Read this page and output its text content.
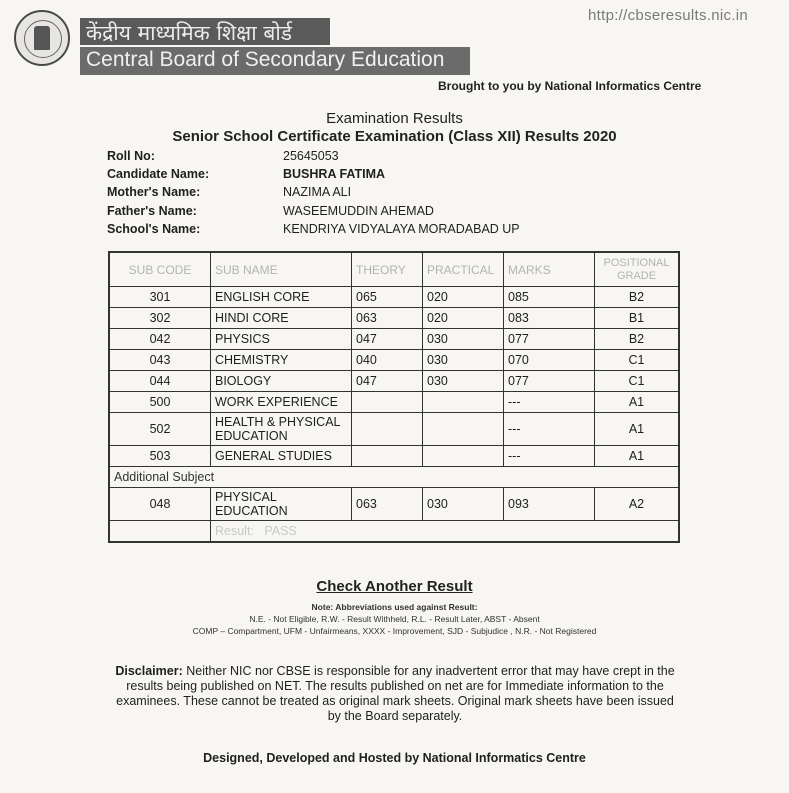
केंद्रीय माध्यमिक शिक्षा बोर्ड
Central Board of Secondary Education
http://cbseresults.nic.in
Brought to you by National Informatics Centre
Examination Results
Senior School Certificate Examination (Class XII) Results 2020
Roll No:	25645053
Candidate Name:	BUSHRA FATIMA
Mother's Name:	NAZIMA ALI
Father's Name:	WASEEMUDDIN AHEMAD
School's Name:	KENDRIYA VIDYALAYA MORADABAD UP
SUB CODE	SUB NAME	THEORY	PRACTICAL	MARKS	POSITIONAL
GRADE
301	ENGLISH CORE	065	020	085	B2
302	HINDI CORE	063	020	083	B1
042	PHYSICS	047	030	077	B2
043	CHEMISTRY	040	030	070	C1
044	BIOLOGY	047	030	077	C1
500	WORK EXPERIENCE			---	A1
502	HEALTH & PHYSICAL
EDUCATION			---	A1
503	GENERAL STUDIES			---	A1
Additional Subject					
048	PHYSICAL
EDUCATION	063	030	093	A2
	Result: PASS				
Check Another Result
Note: Abbreviations used against Result:
N.E. - Not Eligible, R.W. - Result Withheld, R.L. - Result Later, ABST - Absent
COMP – Compartment, UFM - Unfairmeans, XXXX - Improvement, SJD - Subjudice , N.R. - Not Registered
Disclaimer: Neither NIC nor CBSE is responsible for any inadvertent error that may have crept in the results being published on NET. The results published on net are for Immediate information to the examinees. These cannot be treated as original mark sheets. Original mark sheets have been issued by the Board separately.
Designed, Developed and Hosted by National Informatics Centre
